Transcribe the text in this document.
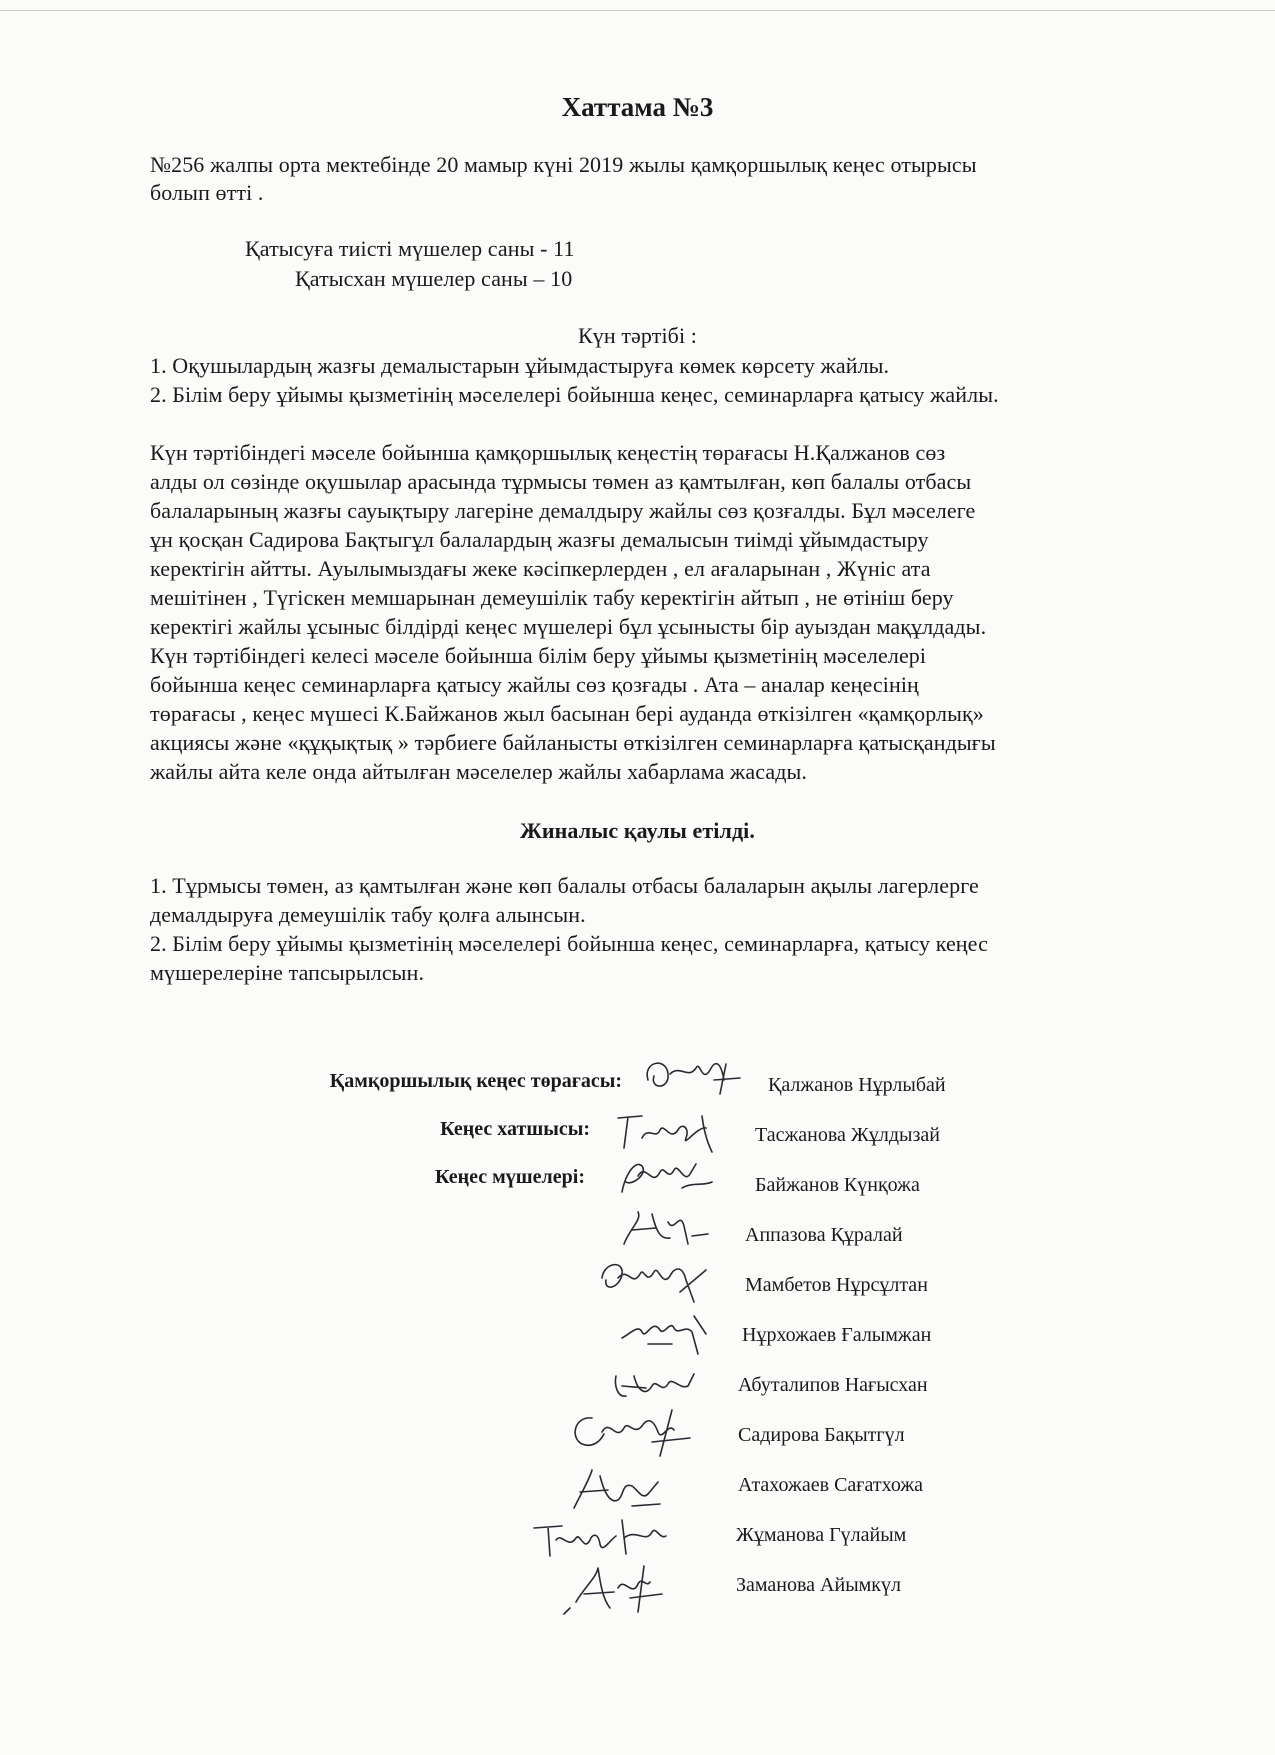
Хаттама №3
№256 жалпы орта мектебінде 20 мамыр күні 2019 жылы қамқоршылық кеңес отырысы
болып өтті .
Қатысуға тиісті мүшелер саны - 11
Қатысхан мүшелер саны – 10
Күн тәртібі :
1. Оқушылардың жазғы демалыстарын ұйымдастыруға көмек көрсету жайлы.
2. Білім беру ұйымы қызметінің мәселелері бойынша кеңес, семинарларға қатысу жайлы.
Күн тәртібіндегі мәселе бойынша қамқоршылық кеңестің төрағасы Н.Қалжанов сөз
алды ол сөзінде оқушылар арасында тұрмысы төмен аз қамтылған, көп балалы отбасы
балаларының жазғы сауықтыру лагеріне демалдыру жайлы сөз қозғалды. Бұл мәселеге
ұн қосқан Садирова Бақтыгұл балалардың жазғы демалысын тиімді ұйымдастыру
керектігін айтты. Ауылымыздағы жеке кәсіпкерлерден , ел ағаларынан , Жүніс ата
мешітінен , Түгіскен мемшарынан демеушілік табу керектігін айтып , не өтініш беру
керектігі жайлы ұсыныс білдірді кеңес мүшелері бұл ұсынысты бір ауыздан мақұлдады.
Күн тәртібіндегі келесі мәселе бойынша білім беру ұйымы қызметінің мәселелері
бойынша кеңес семинарларға қатысу жайлы сөз қозғады . Ата – аналар кеңесінің
төрағасы , кеңес мүшесі К.Байжанов жыл басынан бері ауданда өткізілген «қамқорлық»
акциясы және «құқықтық » тәрбиеге байланысты өткізілген семинарларға қатысқандығы
жайлы айта келе онда айтылған мәселелер жайлы хабарлама жасады.
Жиналыс қаулы етілді.
1. Тұрмысы төмен, аз қамтылған және көп балалы отбасы балаларын ақылы лагерлерге
демалдыруға демеушілік табу қолға алынсын.
2. Білім беру ұйымы қызметінің мәселелері бойынша кеңес, семинарларға, қатысу кеңес
мүшерелеріне тапсырылсын.
Қамқоршылық кеңес төрағасы:
Кеңес хатшысы:
Кеңес мүшелері:
Қалжанов Нұрлыбай
Тасжанова Жұлдызай
Байжанов Күнқожа
Аппазова Құралай
Мамбетов Нұрсұлтан
Нұрхожаев Ғалымжан
Абуталипов Нағысхан
Садирова Бақытгүл
Атахожаев Сағатхожа
Жұманова Гүлайым
Заманова Айымкүл
